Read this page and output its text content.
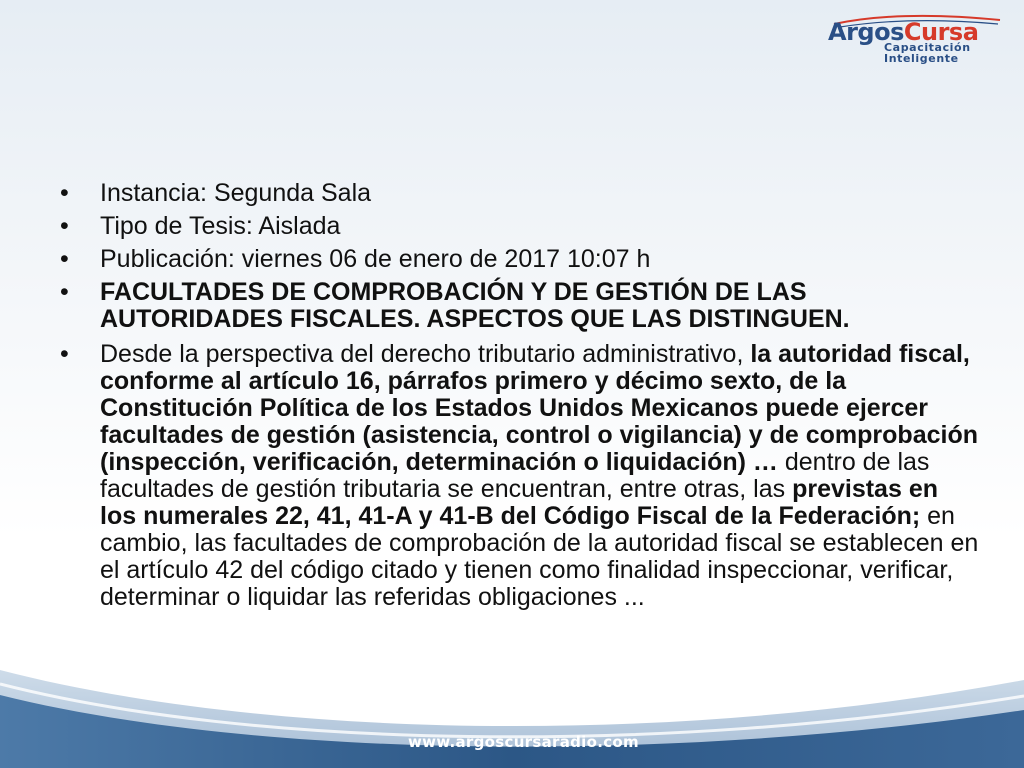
ArgosCursa
Capacitación
Inteligente
• Instancia: Segunda Sala
• Tipo de Tesis: Aislada
• Publicación: viernes 06 de enero de 2017 10:07 h
• FACULTADES DE COMPROBACIÓN Y DE GESTIÓN DE LAS AUTORIDADES FISCALES. ASPECTOS QUE LAS DISTINGUEN.
• Desde la perspectiva del derecho tributario administrativo, la autoridad fiscal, conforme al artículo 16, párrafos primero y décimo sexto, de la Constitución Política de los Estados Unidos Mexicanos puede ejercer facultades de gestión (asistencia, control o vigilancia) y de comprobación (inspección, verificación, determinación o liquidación) … dentro de las facultades de gestión tributaria se encuentran, entre otras, las previstas en los numerales 22, 41, 41-A y 41-B del Código Fiscal de la Federación; en cambio, las facultades de comprobación de la autoridad fiscal se establecen en el artículo 42 del código citado y tienen como finalidad inspeccionar, verificar, determinar o liquidar las referidas obligaciones ...
www.argoscursaradio.com
